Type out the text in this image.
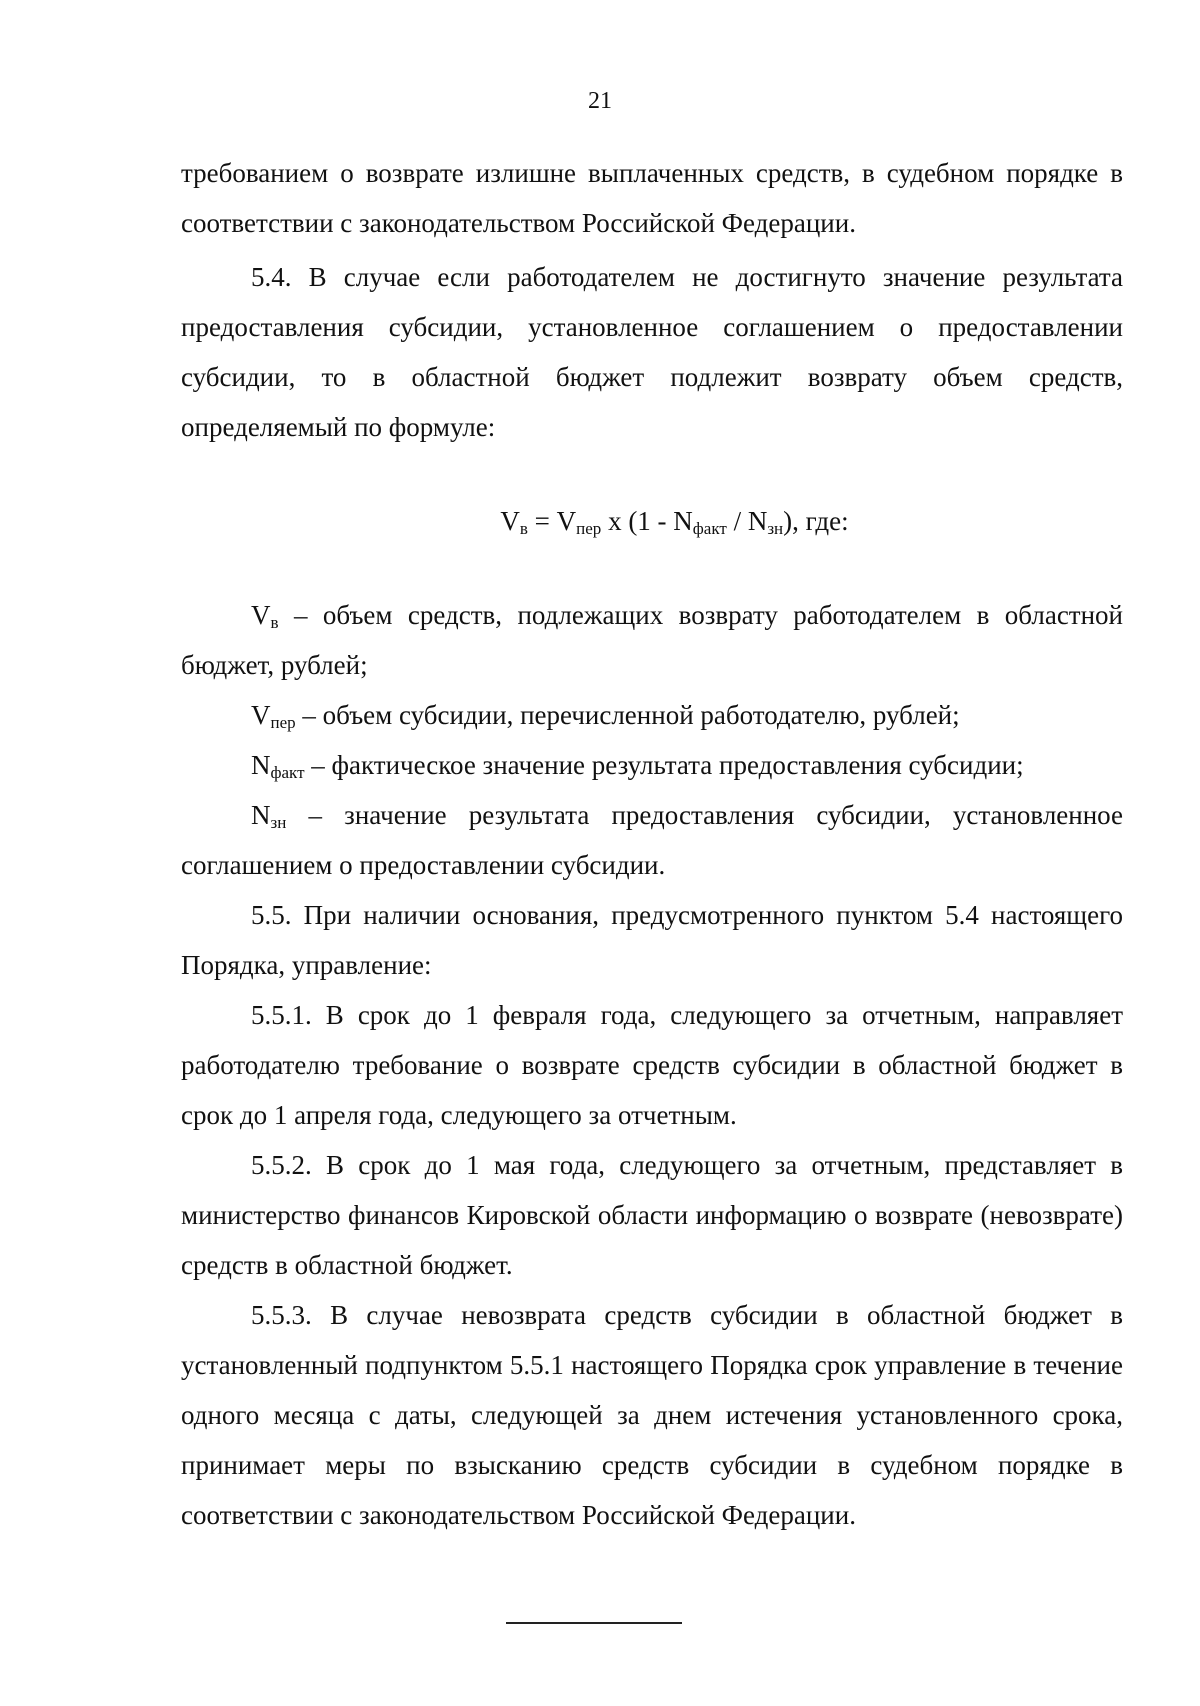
21

требованием о возврате излишне выплаченных средств, в судебном порядке в соответствии с законодательством Российской Федерации.

5.4. В случае если работодателем не достигнуто значение результата предоставления субсидии, установленное соглашением о предоставлении субсидии, то в областной бюджет подлежит возврату объем средств, определяемый по формуле:

$V_в = V_{пер}$ x $(1 - N_{факт} / N_{зн})$, где:

$V_в$ – объем средств, подлежащих возврату работодателем в областной бюджет, рублей;

$V_{пер}$ – объем субсидии, перечисленной работодателю, рублей;

$N_{факт}$ – фактическое значение результата предоставления субсидии;

$N_{зн}$ – значение результата предоставления субсидии, установленное соглашением о предоставлении субсидии.

5.5. При наличии основания, предусмотренного пунктом 5.4 настоящего Порядка, управление:

5.5.1. В срок до 1 февраля года, следующего за отчетным, направляет работодателю требование о возврате средств субсидии в областной бюджет в срок до 1 апреля года, следующего за отчетным.

5.5.2. В срок до 1 мая года, следующего за отчетным, представляет в министерство финансов Кировской области информацию о возврате (невозврате) средств в областной бюджет.

5.5.3. В случае невозврата средств субсидии в областной бюджет в установленный подпунктом 5.5.1 настоящего Порядка срок управление в течение одного месяца с даты, следующей за днем истечения установленного срока, принимает меры по взысканию средств субсидии в судебном порядке в соответствии с законодательством Российской Федерации.
